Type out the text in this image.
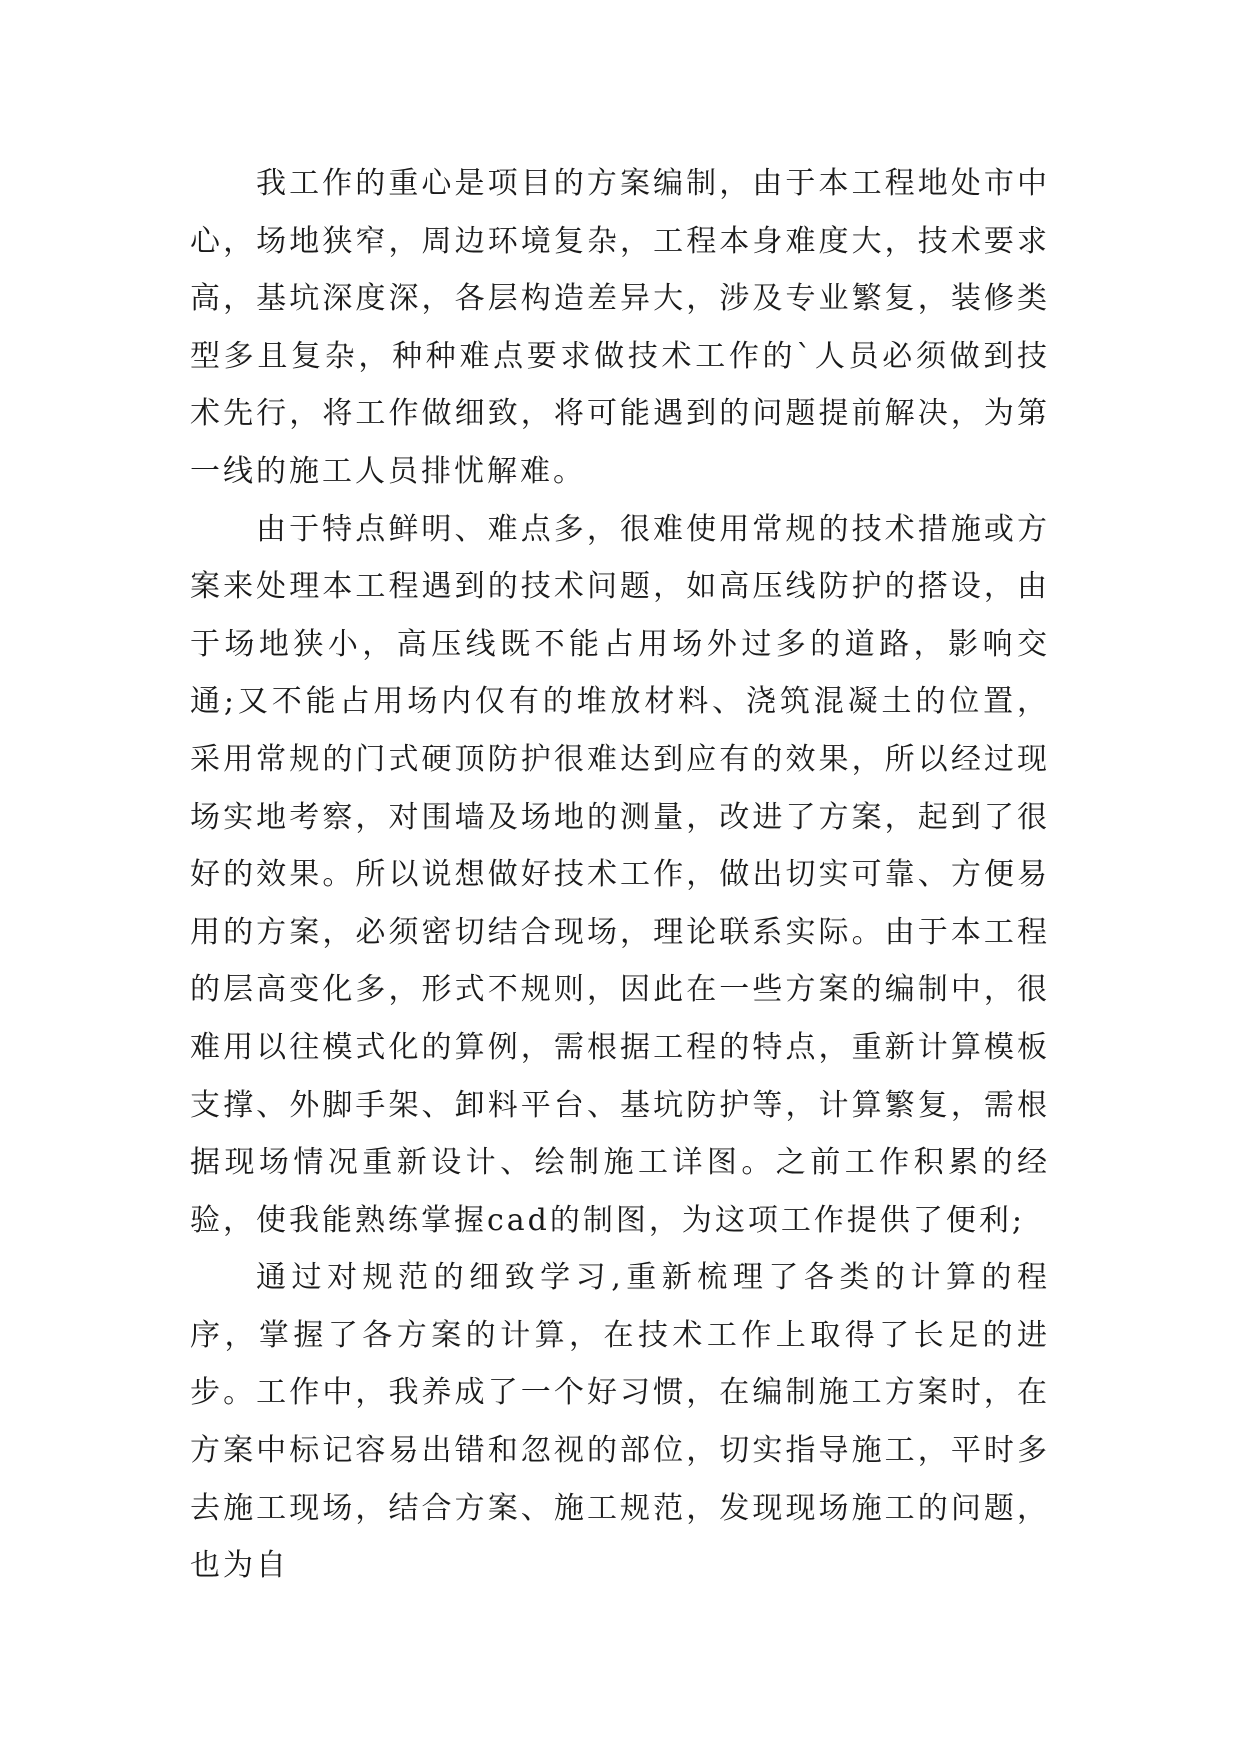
我工作的重心是项目的方案编制，由于本工程地处市中心，场地狭窄，周边环境复杂，工程本身难度大，技术要求高，基坑深度深，各层构造差异大，涉及专业繁复，装修类型多且复杂，种种难点要求做技术工作的`人员必须做到技术先行，将工作做细致，将可能遇到的问题提前解决，为第一线的施工人员排忧解难。

由于特点鲜明、难点多，很难使用常规的技术措施或方案来处理本工程遇到的技术问题，如高压线防护的搭设，由于场地狭小，高压线既不能占用场外过多的道路，影响交通;又不能占用场内仅有的堆放材料、浇筑混凝土的位置，采用常规的门式硬顶防护很难达到应有的效果，所以经过现场实地考察，对围墙及场地的测量，改进了方案，起到了很好的效果。所以说想做好技术工作，做出切实可靠、方便易用的方案，必须密切结合现场，理论联系实际。由于本工程的层高变化多，形式不规则，因此在一些方案的编制中，很难用以往模式化的算例，需根据工程的特点，重新计算模板支撑、外脚手架、卸料平台、基坑防护等，计算繁复，需根据现场情况重新设计、绘制施工详图。之前工作积累的经验，使我能熟练掌握cad的制图，为这项工作提供了便利;

通过对规范的细致学习,重新梳理了各类的计算的程序，掌握了各方案的计算，在技术工作上取得了长足的进步。工作中，我养成了一个好习惯，在编制施工方案时，在方案中标记容易出错和忽视的部位，切实指导施工，平时多去施工现场，结合方案、施工规范，发现现场施工的问题，也为自
